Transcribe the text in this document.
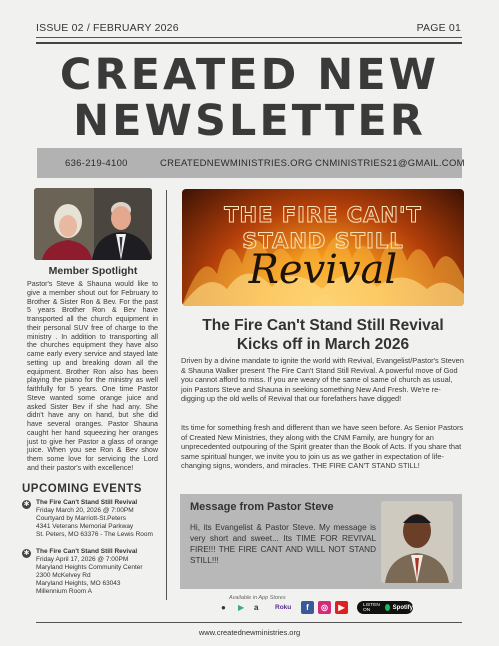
ISSUE 02 / FEBRUARY 2026	PAGE 01
CREATED NEW
NEWSLETTER
636-219-4100	CREATEDNEWMINISTRIES.ORG CNMINISTRIES21@GMAIL.COM
Member Spotlight
Pastor's Steve & Shauna would like to give a member shout out for February to Brother & Sister Ron & Bev. For the past 5 years Brother Ron & Bev have transported all the church equipment in their personal SUV free of charge to the ministry . In addition to transporting all the churches equipment they have also came early every service and stayed late setting up and breaking down all the equipment. Brother Ron also has been playing the piano for the ministry as well faithfully for 5 years. One time Pastor Steve wanted some orange juice and asked Sister Bev if she had any. She didn't have any on hand, but she did have several oranges. Pastor Shauna caught her hand squeezing her oranges just to give her Pastor a glass of orange juice. When you see Ron & Bev show them some love for servicing the Lord and their pastor's with excellence!
UPCOMING EVENTS
✱ The Fire Can't Stand Still Revival
Friday March 20, 2026 @ 7:00PM
Courtyard by Marriott-St.Peters
4341 Veterans Memorial Parkway
St. Peters, MO 63376 - The Lewis Room
✱ The Fire Can't Stand Still Revival
Friday April 17, 2026 @ 7:00PM
Maryland Heights Community Center
2300 McKelvey Rd
Maryland Heights, MO 63043
Millennium Room A
THE FIRE CAN'T
STAND STILL
Revival
The Fire Can't Stand Still Revival
Kicks off in March 2026
Driven by a divine mandate to ignite the world with Revival, Evangelist/Pastor's Steven & Shauna Walker present The Fire Can't Stand Still Revival. A powerful move of God you cannot afford to miss. If you are weary of the same ol same ol church as usual, join Pastors Steve and Shauna in seeking something New And Fresh. We're re-digging up the old wells of Revival that our forefathers have digged!
Its time for something fresh and different than we have seen before. As Senior Pastors of Created New Ministries, they along with the CNM Family, are hungry for an unprecedented outpouring of the Spirit greater than the Book of Acts. If you share that same spiritual hunger, we invite you to join us as we gather in expectation of life-changing signs, wonders, and miracles. THE FIRE CAN'T STAND STILL!
Message from Pastor Steve
Hi, its Evangelist & Pastor Steve. My message is very short and sweet... Its TIME FOR REVIVAL FIRE!!! THE FIRE CANT AND WILL NOT STAND STILL!!!
Available in App Stores
● ▶ a	Roku	f	◎	▶	LISTEN ON	Spotify
www.creatednewministries.org
